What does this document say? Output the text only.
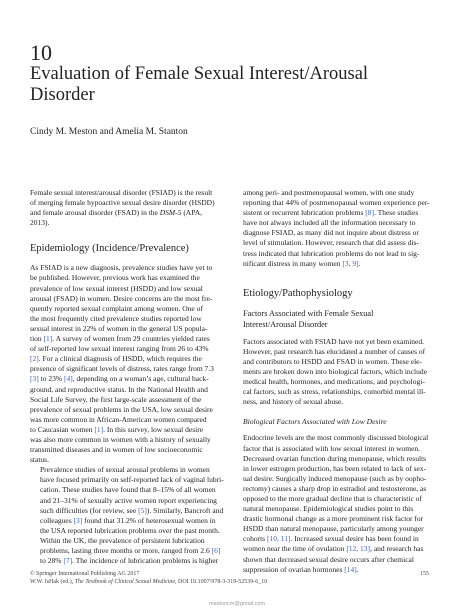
10
Evaluation of Female Sexual Interest/Arousal
Disorder
Cindy M. Meston and Amelia M. Stanton

Female sexual interest/arousal disorder (FSIAD) is the result
of merging female hypoactive sexual desire disorder (HSDD)
and female arousal disorder (FSAD) in the DSM-5 (APA,
2013).

Epidemiology (Incidence/Prevalence)

As FSIAD is a new diagnosis, prevalence studies have yet to
be published. However, previous work has examined the
prevalence of low sexual interest (HSDD) and low sexual
arousal (FSAD) in women. Desire concerns are the most fre-
quently reported sexual complaint among women. One of
the most frequently cited prevalence studies reported low
sexual interest in 22% of women in the general US popula-
tion [1]. A survey of women from 29 countries yielded rates
of self-reported low sexual interest ranging from 26 to 43%
[2]. For a clinical diagnosis of HSDD, which requires the
presence of significant levels of distress, rates range from 7.3
[3] to 23% [4], depending on a woman’s age, cultural back-
ground, and reproductive status. In the National Health and
Social Life Survey, the first large-scale assessment of the
prevalence of sexual problems in the USA, low sexual desire
was more common in African-American women compared
to Caucasian women [1]. In this survey, low sexual desire
was also more common in women with a history of sexually
transmitted diseases and in women of low socioeconomic
status.

Prevalence studies of sexual arousal problems in women
have focused primarily on self-reported lack of vaginal lubri-
cation. These studies have found that 8–15% of all women
and 21–31% of sexually active women report experiencing
such difficulties (for review, see [5]). Similarly, Bancroft and
colleagues [3] found that 31.2% of heterosexual women in
the USA reported lubrication problems over the past month.
Within the UK, the prevalence of persistent lubrication
problems, lasting three months or more, ranged from 2.6 [6]
to 28% [7]. The incidence of lubrication problems is higher

among peri- and postmenopausal women, with one study
reporting that 44% of postmenopausal women experience per-
sistent or recurrent lubrication problems [8]. These studies
have not always included all the information necessary to
diagnose FSIAD, as many did not inquire about distress or
level of stimulation. However, research that did assess dis-
tress indicated that lubrication problems do not lead to sig-
nificant distress in many women [3, 9].

Etiology/Pathophysiology
Factors Associated with Female Sexual
Interest/Arousal Disorder

Factors associated with FSIAD have not yet been examined.
However, past research has elucidated a number of causes of
and contributors to HSDD and FSAD in women. These ele-
ments are broken down into biological factors, which include
medical health, hormones, and medications, and psychologi-
cal factors, such as stress, relationships, comorbid mental ill-
ness, and history of sexual abuse.

Biological Factors Associated with Low Desire

Endocrine levels are the most commonly discussed biological
factor that is associated with low sexual interest in women.
Decreased ovarian function during menopause, which results
in lower estrogen production, has been related to lack of sex-
ual desire. Surgically induced menopause (such as by oopho-
rectomy) causes a sharp drop in estradiol and testosterone, as
opposed to the more gradual decline that is characteristic of
natural menopause. Epidemiological studies point to this
drastic hormonal change as a more prominent risk factor for
HSDD than natural menopause, particularly among younger
cohorts [10, 11]. Increased sexual desire has been found in
women near the time of ovulation [12, 13], and research has
shown that decreased sexual desire occurs after chemical
suppression of ovarian hormones [14].

© Springer International Publishing AG 2017
W.W. IsHak (ed.), The Textbook of Clinical Sexual Medicine, DOI 10.1007/978-3-319-52539-6_10
155
mestoncm@gmail.com
